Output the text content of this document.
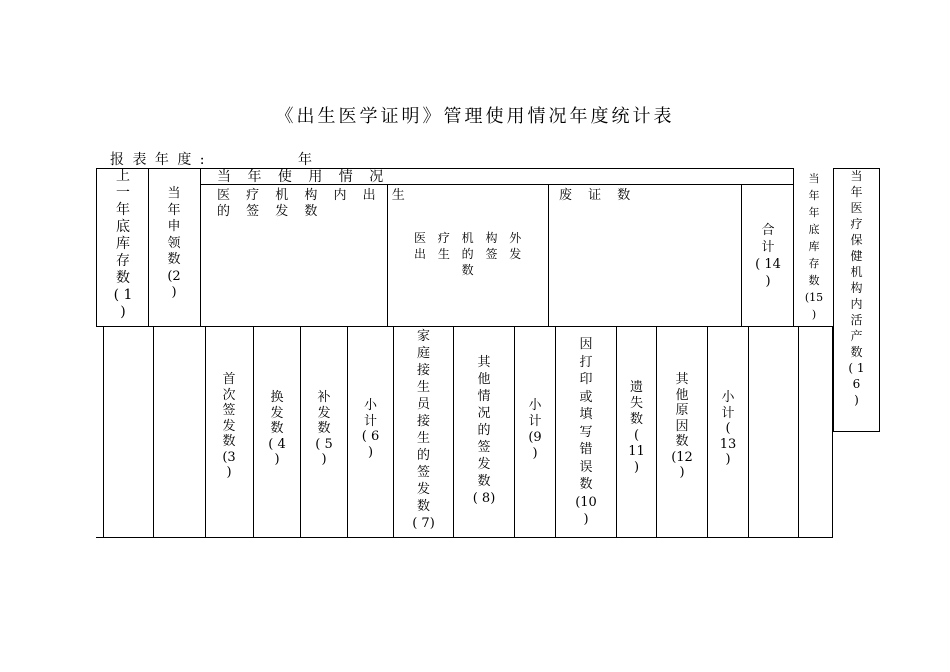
《出生医学证明》管理使用情况年度统计表
报 表 年 度 :	年
上
一
年
底
库
存
数
( 1
)
当
年
申
领
数
(2
)
当 年 使 用 情 况
医 疗 机 构 内 出 生
的 签 发 数
医 疗 机 构 外
出 生 的 签 发
数
废 证 数
合
计
( 14
)
当
年
年
底
库
存
数
(15
)
当
年
医
疗
保
健
机
构
内
活
产
数
( 1
6
)
首
次
签
发
数
(3
)
换
发
数
( 4
)
补
发
数
( 5
)
小
计
( 6
)
家
庭
接
生
员
接
生
的
签
发
数
( 7)
其
他
情
况
的
签
发
数
( 8)
小
计
(9
)
因
打
印
或
填
写
错
误
数
(10
)
遗
失
数
(
11
)
其
他
原
因
数
(12
)
小
计
(
13
)
